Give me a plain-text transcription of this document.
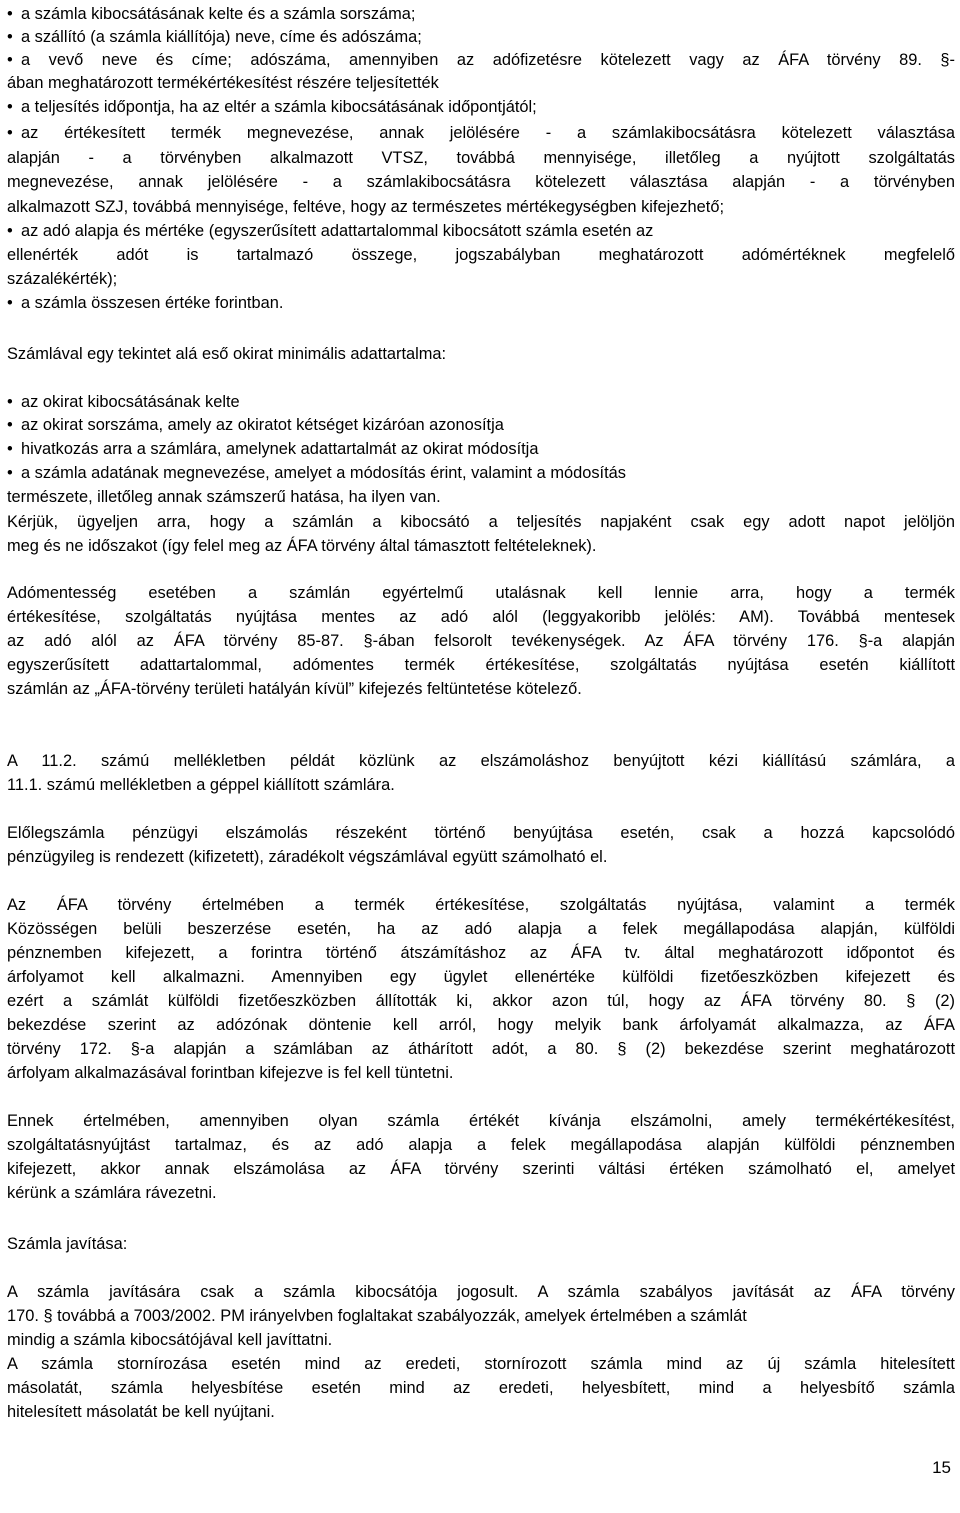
• a számla kibocsátásának kelte és a számla sorszáma;
• a szállító (a számla kiállítója) neve, címe és adószáma;
• a vevő neve és címe; adószáma, amennyiben az adófizetésre kötelezett vagy az ÁFA törvény 89. §-
ában meghatározott termékértékesítést részére teljesítették
• a teljesítés időpontja, ha az eltér a számla kibocsátásának időpontjától;
• az értékesített termék megnevezése, annak jelölésére - a számlakibocsátásra kötelezett választása
alapján - a törvényben alkalmazott VTSZ, továbbá mennyisége, illetőleg a nyújtott szolgáltatás
megnevezése, annak jelölésére - a számlakibocsátásra kötelezett választása alapján - a törvényben
alkalmazott SZJ, továbbá mennyisége, feltéve, hogy az természetes mértékegységben kifejezhető;
• az adó alapja és mértéke (egyszerűsített adattartalommal kibocsátott számla esetén az
ellenérték adót is tartalmazó összege, jogszabályban meghatározott adómértéknek megfelelő
százalékérték);
• a számla összesen értéke forintban.
Számlával egy tekintet alá eső okirat minimális adattartalma:
• az okirat kibocsátásának kelte
• az okirat sorszáma, amely az okiratot kétséget kizáróan azonosítja
• hivatkozás arra a számlára, amelynek adattartalmát az okirat módosítja
• a számla adatának megnevezése, amelyet a módosítás érint, valamint a módosítás
természete, illetőleg annak számszerű hatása, ha ilyen van.
Kérjük, ügyeljen arra, hogy a számlán a kibocsátó a teljesítés napjaként csak egy adott napot jelöljön
meg és ne időszakot (így felel meg az ÁFA törvény által támasztott feltételeknek).
Adómentesség esetében a számlán egyértelmű utalásnak kell lennie arra, hogy a termék
értékesítése, szolgáltatás nyújtása mentes az adó alól (leggyakoribb jelölés: AM). Továbbá mentesek
az adó alól az ÁFA törvény 85-87. §-ában felsorolt tevékenységek. Az ÁFA törvény 176. §-a alapján
egyszerűsített adattartalommal, adómentes termék értékesítése, szolgáltatás nyújtása esetén kiállított
számlán az „ÁFA-törvény területi hatályán kívül” kifejezés feltüntetése kötelező.
A 11.2. számú mellékletben példát közlünk az elszámoláshoz benyújtott kézi kiállítású számlára, a
11.1. számú mellékletben a géppel kiállított számlára.
Előlegszámla pénzügyi elszámolás részeként történő benyújtása esetén, csak a hozzá kapcsolódó
pénzügyileg is rendezett (kifizetett), záradékolt végszámlával együtt számolható el.
Az ÁFA törvény értelmében a termék értékesítése, szolgáltatás nyújtása, valamint a termék
Közösségen belüli beszerzése esetén, ha az adó alapja a felek megállapodása alapján, külföldi
pénznemben kifejezett, a forintra történő átszámításhoz az ÁFA tv. által meghatározott időpontot és
árfolyamot kell alkalmazni. Amennyiben egy ügylet ellenértéke külföldi fizetőeszközben kifejezett és
ezért a számlát külföldi fizetőeszközben állították ki, akkor azon túl, hogy az ÁFA törvény 80. § (2)
bekezdése szerint az adózónak döntenie kell arról, hogy melyik bank árfolyamát alkalmazza, az ÁFA
törvény 172. §-a alapján a számlában az áthárított adót, a 80. § (2) bekezdése szerint meghatározott
árfolyam alkalmazásával forintban kifejezve is fel kell tüntetni.
Ennek értelmében, amennyiben olyan számla értékét kívánja elszámolni, amely termékértékesítést,
szolgáltatásnyújtást tartalmaz, és az adó alapja a felek megállapodása alapján külföldi pénznemben
kifejezett, akkor annak elszámolása az ÁFA törvény szerinti váltási értéken számolható el, amelyet
kérünk a számlára rávezetni.
Számla javítása:
A számla javítására csak a számla kibocsátója jogosult. A számla szabályos javítását az ÁFA törvény
170. § továbbá a 7003/2002. PM irányelvben foglaltakat szabályozzák, amelyek értelmében a számlát
mindig a számla kibocsátójával kell javíttatni.
A számla stornírozása esetén mind az eredeti, stornírozott számla mind az új számla hitelesített
másolatát, számla helyesbítése esetén mind az eredeti, helyesbített, mind a helyesbítő számla
hitelesített másolatát be kell nyújtani.
15
